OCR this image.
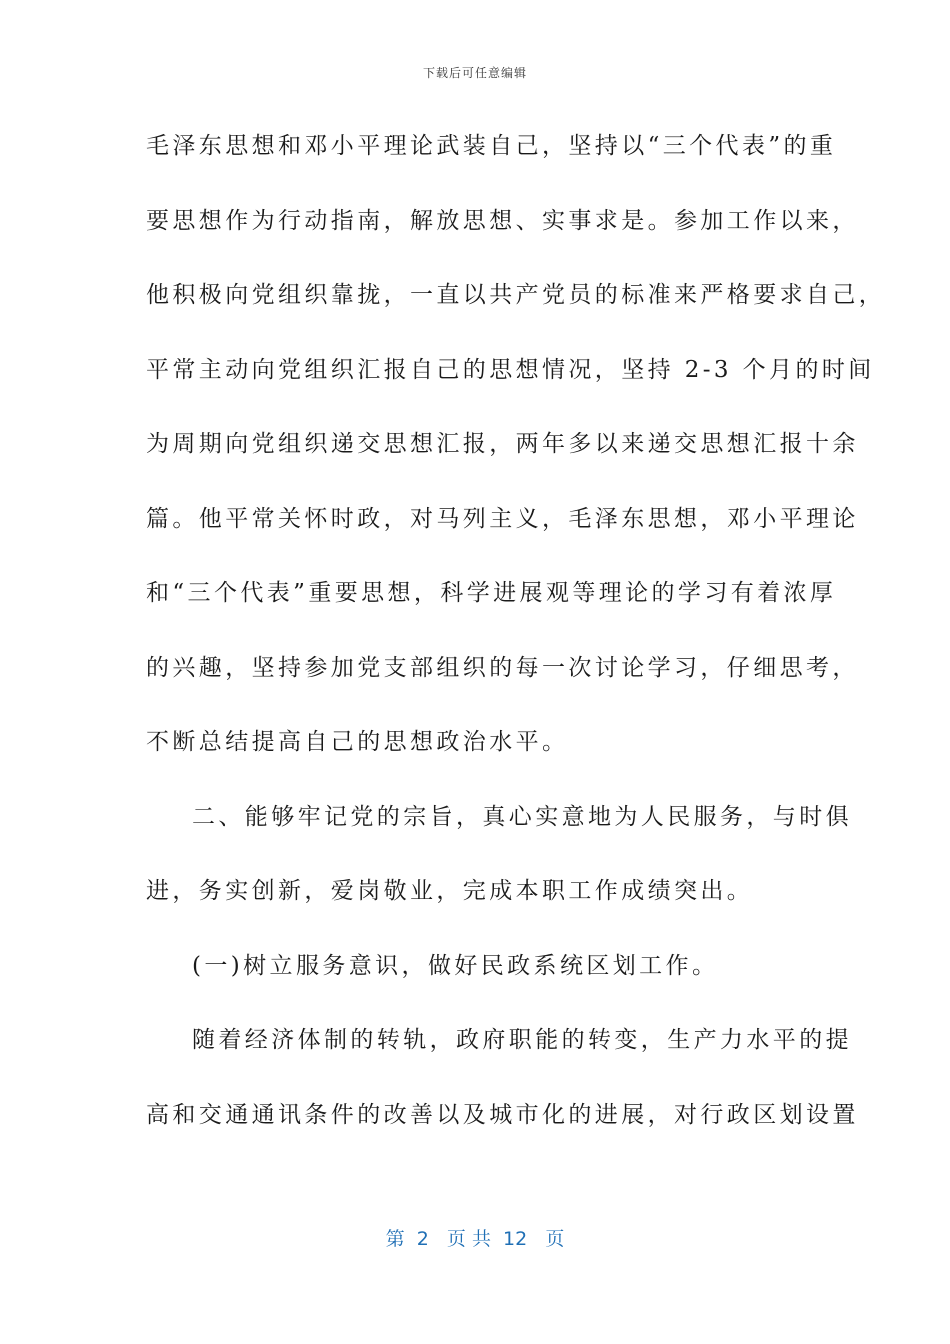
下载后可任意编辑
毛泽东思想和邓小平理论武装自己，坚持以“三个代表”的重
要思想作为行动指南，解放思想、实事求是。参加工作以来，
他积极向党组织靠拢，一直以共产党员的标准来严格要求自己，
平常主动向党组织汇报自己的思想情况，坚持 2-3 个月的时间
为周期向党组织递交思想汇报，两年多以来递交思想汇报十余
篇。他平常关怀时政，对马列主义，毛泽东思想，邓小平理论
和“三个代表”重要思想，科学进展观等理论的学习有着浓厚
的兴趣，坚持参加党支部组织的每一次讨论学习，仔细思考，
不断总结提高自己的思想政治水平。
二、能够牢记党的宗旨，真心实意地为人民服务，与时俱
进，务实创新，爱岗敬业，完成本职工作成绩突出。
(一)树立服务意识，做好民政系统区划工作。
随着经济体制的转轨，政府职能的转变，生产力水平的提
高和交通通讯条件的改善以及城市化的进展，对行政区划设置
第  2   页 共  12   页
